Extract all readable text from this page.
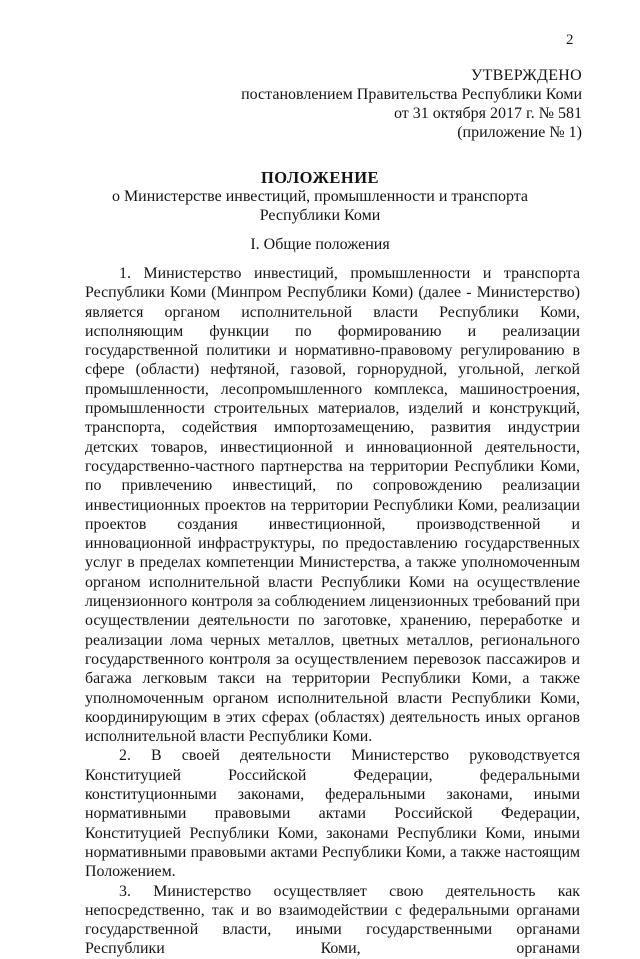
2
УТВЕРЖДЕНО
постановлением Правительства Республики Коми
от 31 октября 2017 г. № 581
(приложение № 1)
ПОЛОЖЕНИЕ
о Министерстве инвестиций, промышленности и транспорта
Республики Коми
I. Общие положения

1. Министерство инвестиций, промышленности и транспорта Республики Коми (Минпром Республики Коми) (далее - Министерство) является органом исполнительной власти Республики Коми, исполняющим функции по формированию и реализации государственной политики и нормативно-правовому регулированию в сфере (области) нефтяной, газовой, горнорудной, угольной, легкой промышленности, лесопромышленного комплекса, машиностроения, промышленности строительных материалов, изделий и конструкций, транспорта, содействия импортозамещению, развития индустрии детских товаров, инвестиционной и инновационной деятельности, государственно-частного партнерства на территории Республики Коми, по привлечению инвестиций, по сопровождению реализации инвестиционных проектов на территории Республики Коми, реализации проектов создания инвестиционной, производственной и инновационной инфраструктуры, по предоставлению государственных услуг в пределах компетенции Министерства, а также уполномоченным органом исполнительной власти Республики Коми на осуществление лицензионного контроля за соблюдением лицензионных требований при осуществлении деятельности по заготовке, хранению, переработке и реализации лома черных металлов, цветных металлов, регионального государственного контроля за осуществлением перевозок пассажиров и багажа легковым такси на территории Республики Коми, а также уполномоченным органом исполнительной власти Республики Коми, координирующим в этих сферах (областях) деятельность иных органов исполнительной власти Республики Коми.

2. В своей деятельности Министерство руководствуется Конституцией Российской Федерации, федеральными конституционными законами, федеральными законами, иными нормативными правовыми актами Российской Федерации, Конституцией Республики Коми, законами Республики Коми, иными нормативными правовыми актами Республики Коми, а также настоящим Положением.

3. Министерство осуществляет свою деятельность как непосредственно, так и во взаимодействии с федеральными органами государственной власти, иными государственными органами Республики Коми, органами
